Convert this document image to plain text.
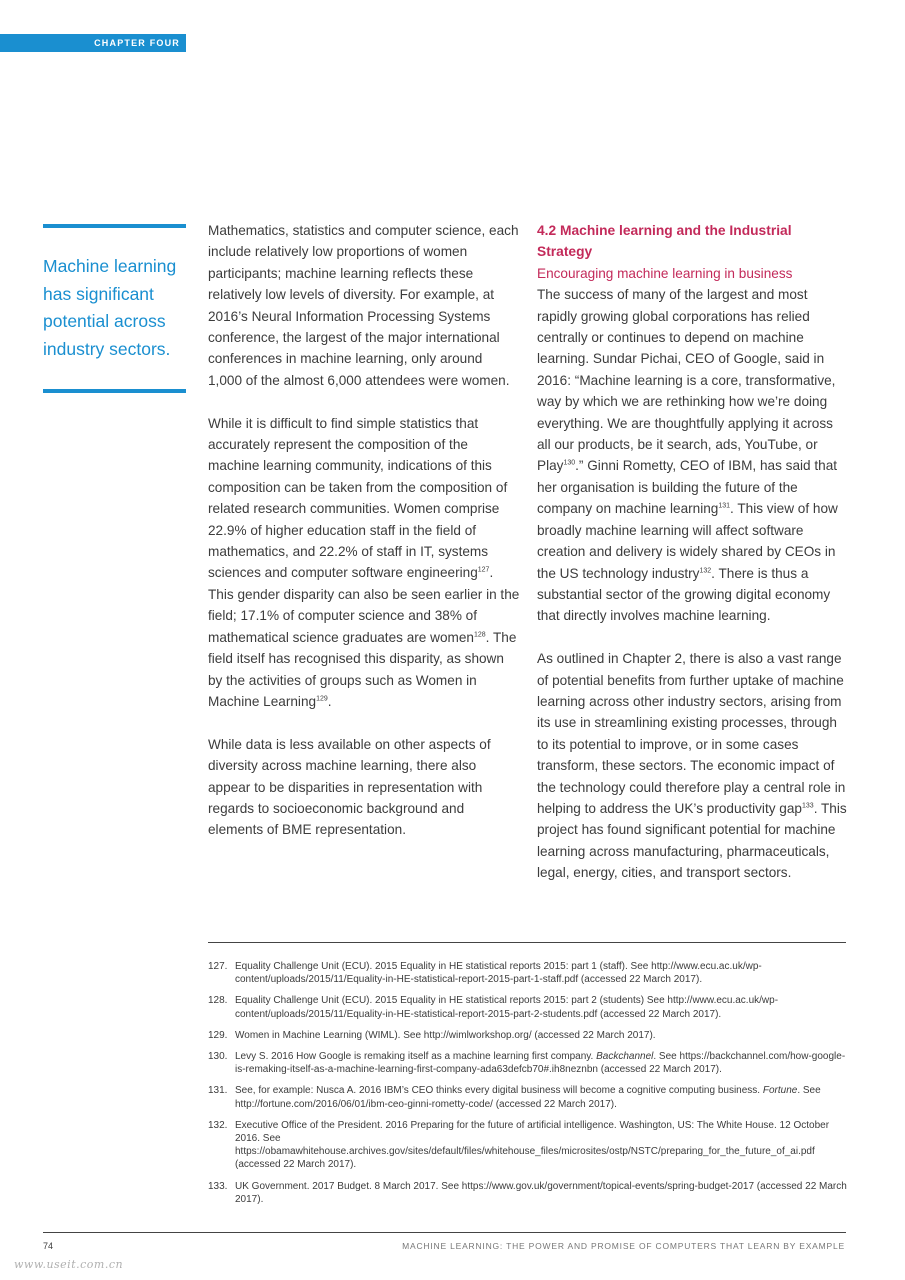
CHAPTER FOUR
Machine learning has significant potential across industry sectors.

Mathematics, statistics and computer science, each include relatively low proportions of women participants; machine learning reflects these relatively low levels of diversity. For example, at 2016’s Neural Information Processing Systems conference, the largest of the major international conferences in machine learning, only around 1,000 of the almost 6,000 attendees were women.

While it is difficult to find simple statistics that accurately represent the composition of the machine learning community, indications of this composition can be taken from the composition of related research communities. Women comprise 22.9% of higher education staff in the field of mathematics, and 22.2% of staff in IT, systems sciences and computer software engineering$^{127}$. This gender disparity can also be seen earlier in the field; 17.1% of computer science and 38% of mathematical science graduates are women$^{128}$. The field itself has recognised this disparity, as shown by the activities of groups such as Women in Machine Learning$^{129}$.

While data is less available on other aspects of diversity across machine learning, there also appear to be disparities in representation with regards to socioeconomic background and elements of BME representation.

4.2 Machine learning and the Industrial Strategy
Encouraging machine learning in business

The success of many of the largest and most rapidly growing global corporations has relied centrally or continues to depend on machine learning. Sundar Pichai, CEO of Google, said in 2016: “Machine learning is a core, transformative, way by which we are rethinking how we’re doing everything. We are thoughtfully applying it across all our products, be it search, ads, YouTube, or Play$^{130}$.” Ginni Rometty, CEO of IBM, has said that her organisation is building the future of the company on machine learning$^{131}$. This view of how broadly machine learning will affect software creation and delivery is widely shared by CEOs in the US technology industry$^{132}$. There is thus a substantial sector of the growing digital economy that directly involves machine learning.

As outlined in Chapter 2, there is also a vast range of potential benefits from further uptake of machine learning across other industry sectors, arising from its use in streamlining existing processes, through to its potential to improve, or in some cases transform, these sectors. The economic impact of the technology could therefore play a central role in helping to address the UK’s productivity gap$^{133}$. This project has found significant potential for machine learning across manufacturing, pharmaceuticals, legal, energy, cities, and transport sectors.

127. Equality Challenge Unit (ECU). 2015 Equality in HE statistical reports 2015: part 1 (staff). See http://www.ecu.ac.uk/wp-content/uploads/2015/11/Equality-in-HE-statistical-report-2015-part-1-staff.pdf (accessed 22 March 2017).
128. Equality Challenge Unit (ECU). 2015 Equality in HE statistical reports 2015: part 2 (students) See http://www.ecu.ac.uk/wp-content/uploads/2015/11/Equality-in-HE-statistical-report-2015-part-2-students.pdf (accessed 22 March 2017).
129. Women in Machine Learning (WIML). See http://wimlworkshop.org/ (accessed 22 March 2017).
130. Levy S. 2016 How Google is remaking itself as a machine learning first company. Backchannel. See https://backchannel.com/how-google-is-remaking-itself-as-a-machine-learning-first-company-ada63defcb70#.ih8neznbn (accessed 22 March 2017).
131. See, for example: Nusca A. 2016 IBM’s CEO thinks every digital business will become a cognitive computing business. Fortune. See http://fortune.com/2016/06/01/ibm-ceo-ginni-rometty-code/ (accessed 22 March 2017).
132. Executive Office of the President. 2016 Preparing for the future of artificial intelligence. Washington, US: The White House. 12 October 2016. See https://obamawhitehouse.archives.gov/sites/default/files/whitehouse_files/microsites/ostp/NSTC/preparing_for_the_future_of_ai.pdf (accessed 22 March 2017).
133. UK Government. 2017 Budget. 8 March 2017. See https://www.gov.uk/government/topical-events/spring-budget-2017 (accessed 22 March 2017).
74	MACHINE LEARNING: THE POWER AND PROMISE OF COMPUTERS THAT LEARN BY EXAMPLE
www.useit.com.cn
